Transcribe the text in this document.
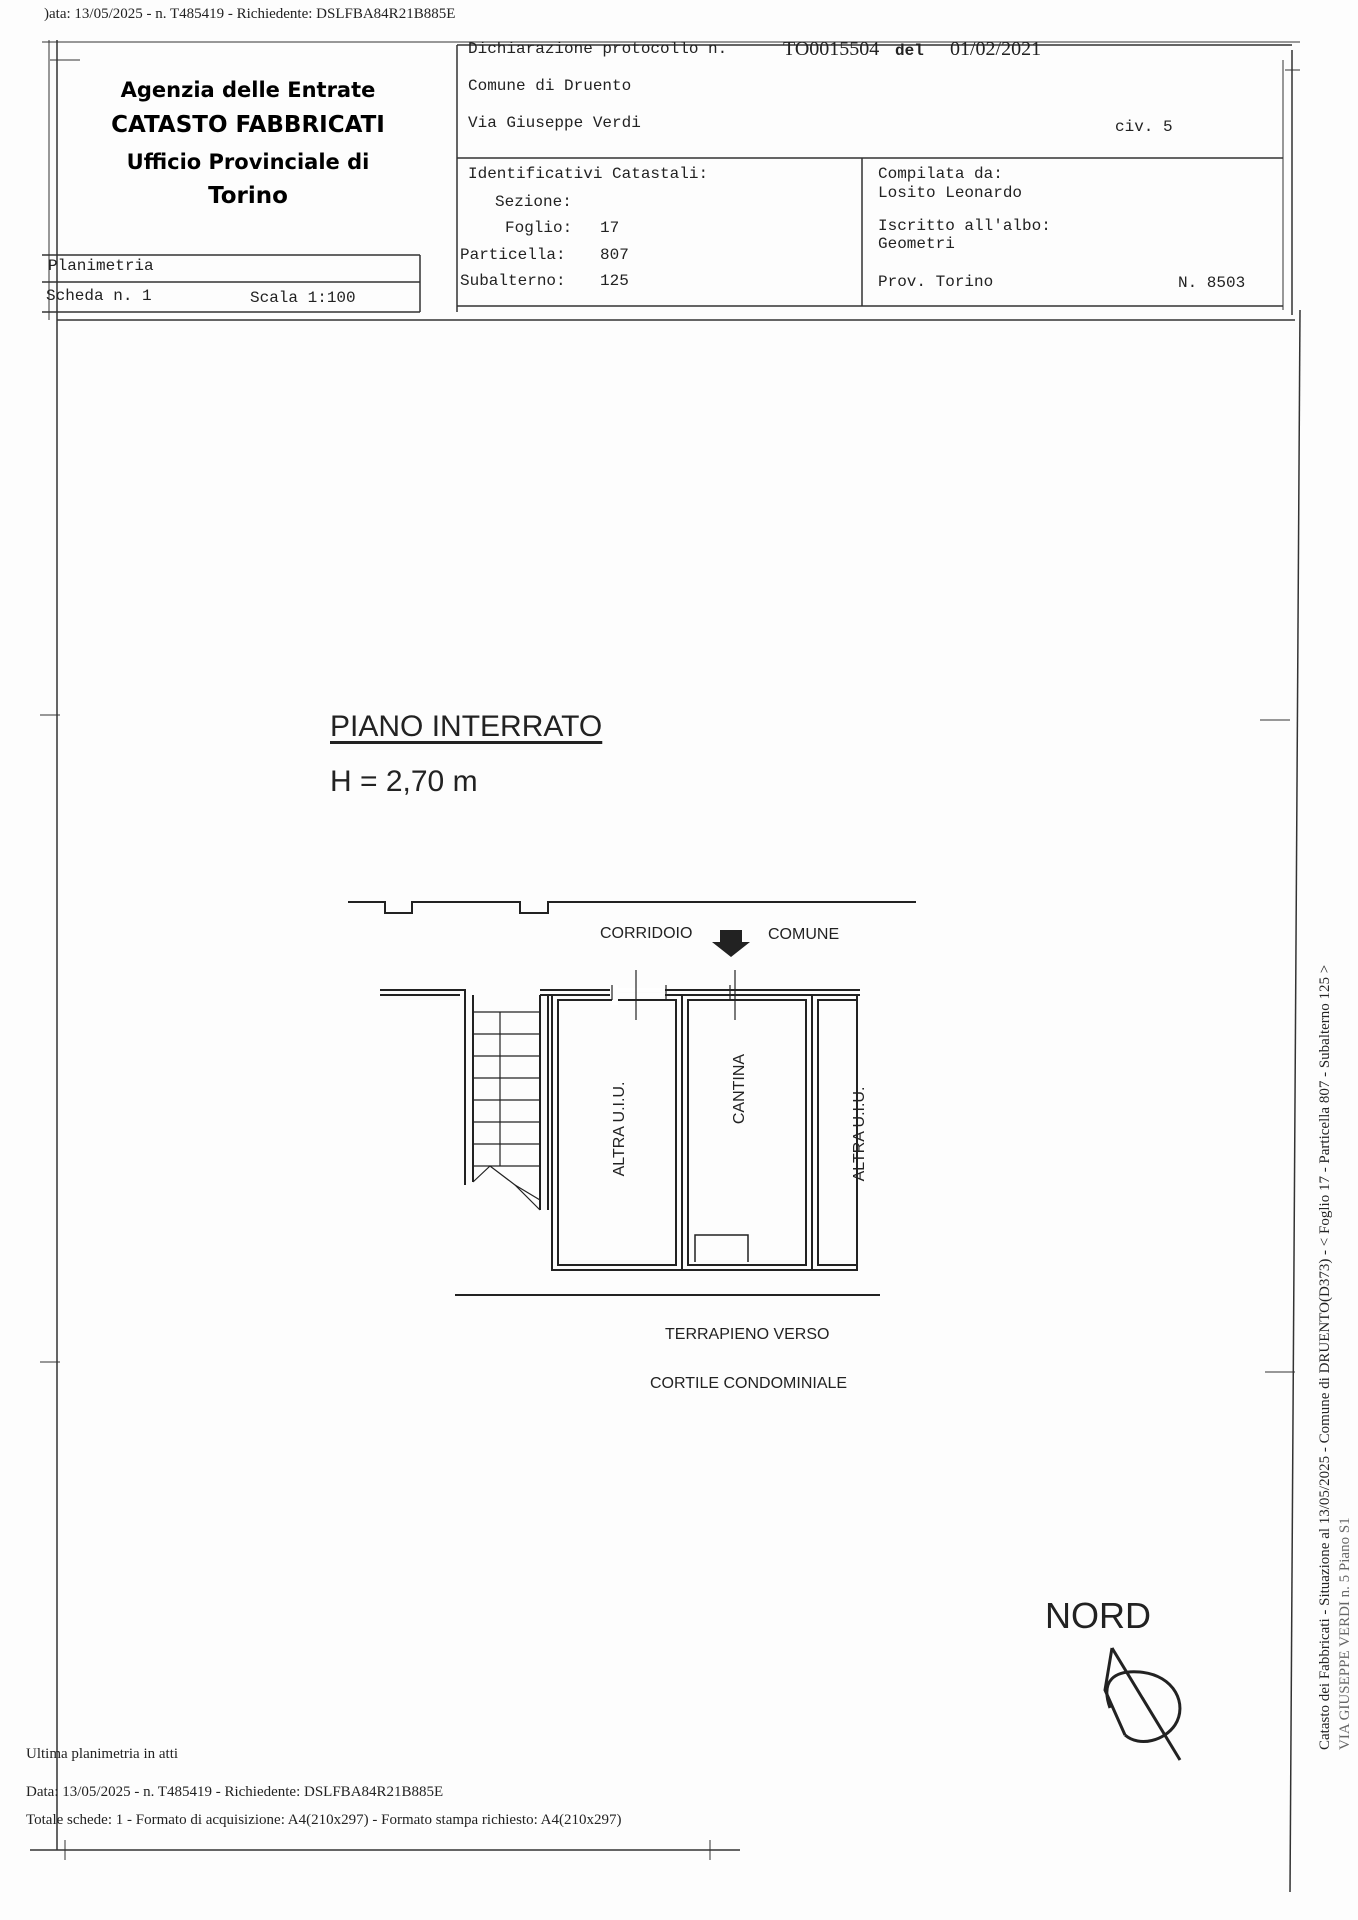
)ata: 13/05/2025 - n. T485419 - Richiedente: DSLFBA84R21B885E
Agenzia delle Entrate
CATASTO FABBRICATI
Ufficio Provinciale di
Torino
Dichiarazione protocollo n.	TO0015504 del 01/02/2021
Comune di Druento
Via Giuseppe Verdi	civ. 5
Identificativi Catastali:
Sezione:
Foglio: 17
Particella: 807
Subalterno: 125
Compilata da:
Losito Leonardo
Iscritto all'albo:
Geometri
Prov. Torino	N. 8503
Planimetria
Scheda n. 1	Scala 1:100
PIANO INTERRATO
H = 2,70 m
CORRIDOIO	COMUNE
ALTRA U.I.U.	CANTINA	ALTRA U.I.U.
TERRAPIENO VERSO
CORTILE CONDOMINIALE
NORD	Catasto dei Fabbricati - Situazione al 13/05/2025 - Comune di DRUENTO(D373) - < Foglio 17 - Particella 807 - Subalterno 125 > VIA GIUSEPPE VERDI n. 5 Piano S1
Ultima planimetria in atti
Data: 13/05/2025 - n. T485419 - Richiedente: DSLFBA84R21B885E
Totale schede: 1 - Formato di acquisizione: A4(210x297) - Formato stampa richiesto: A4(210x297)
